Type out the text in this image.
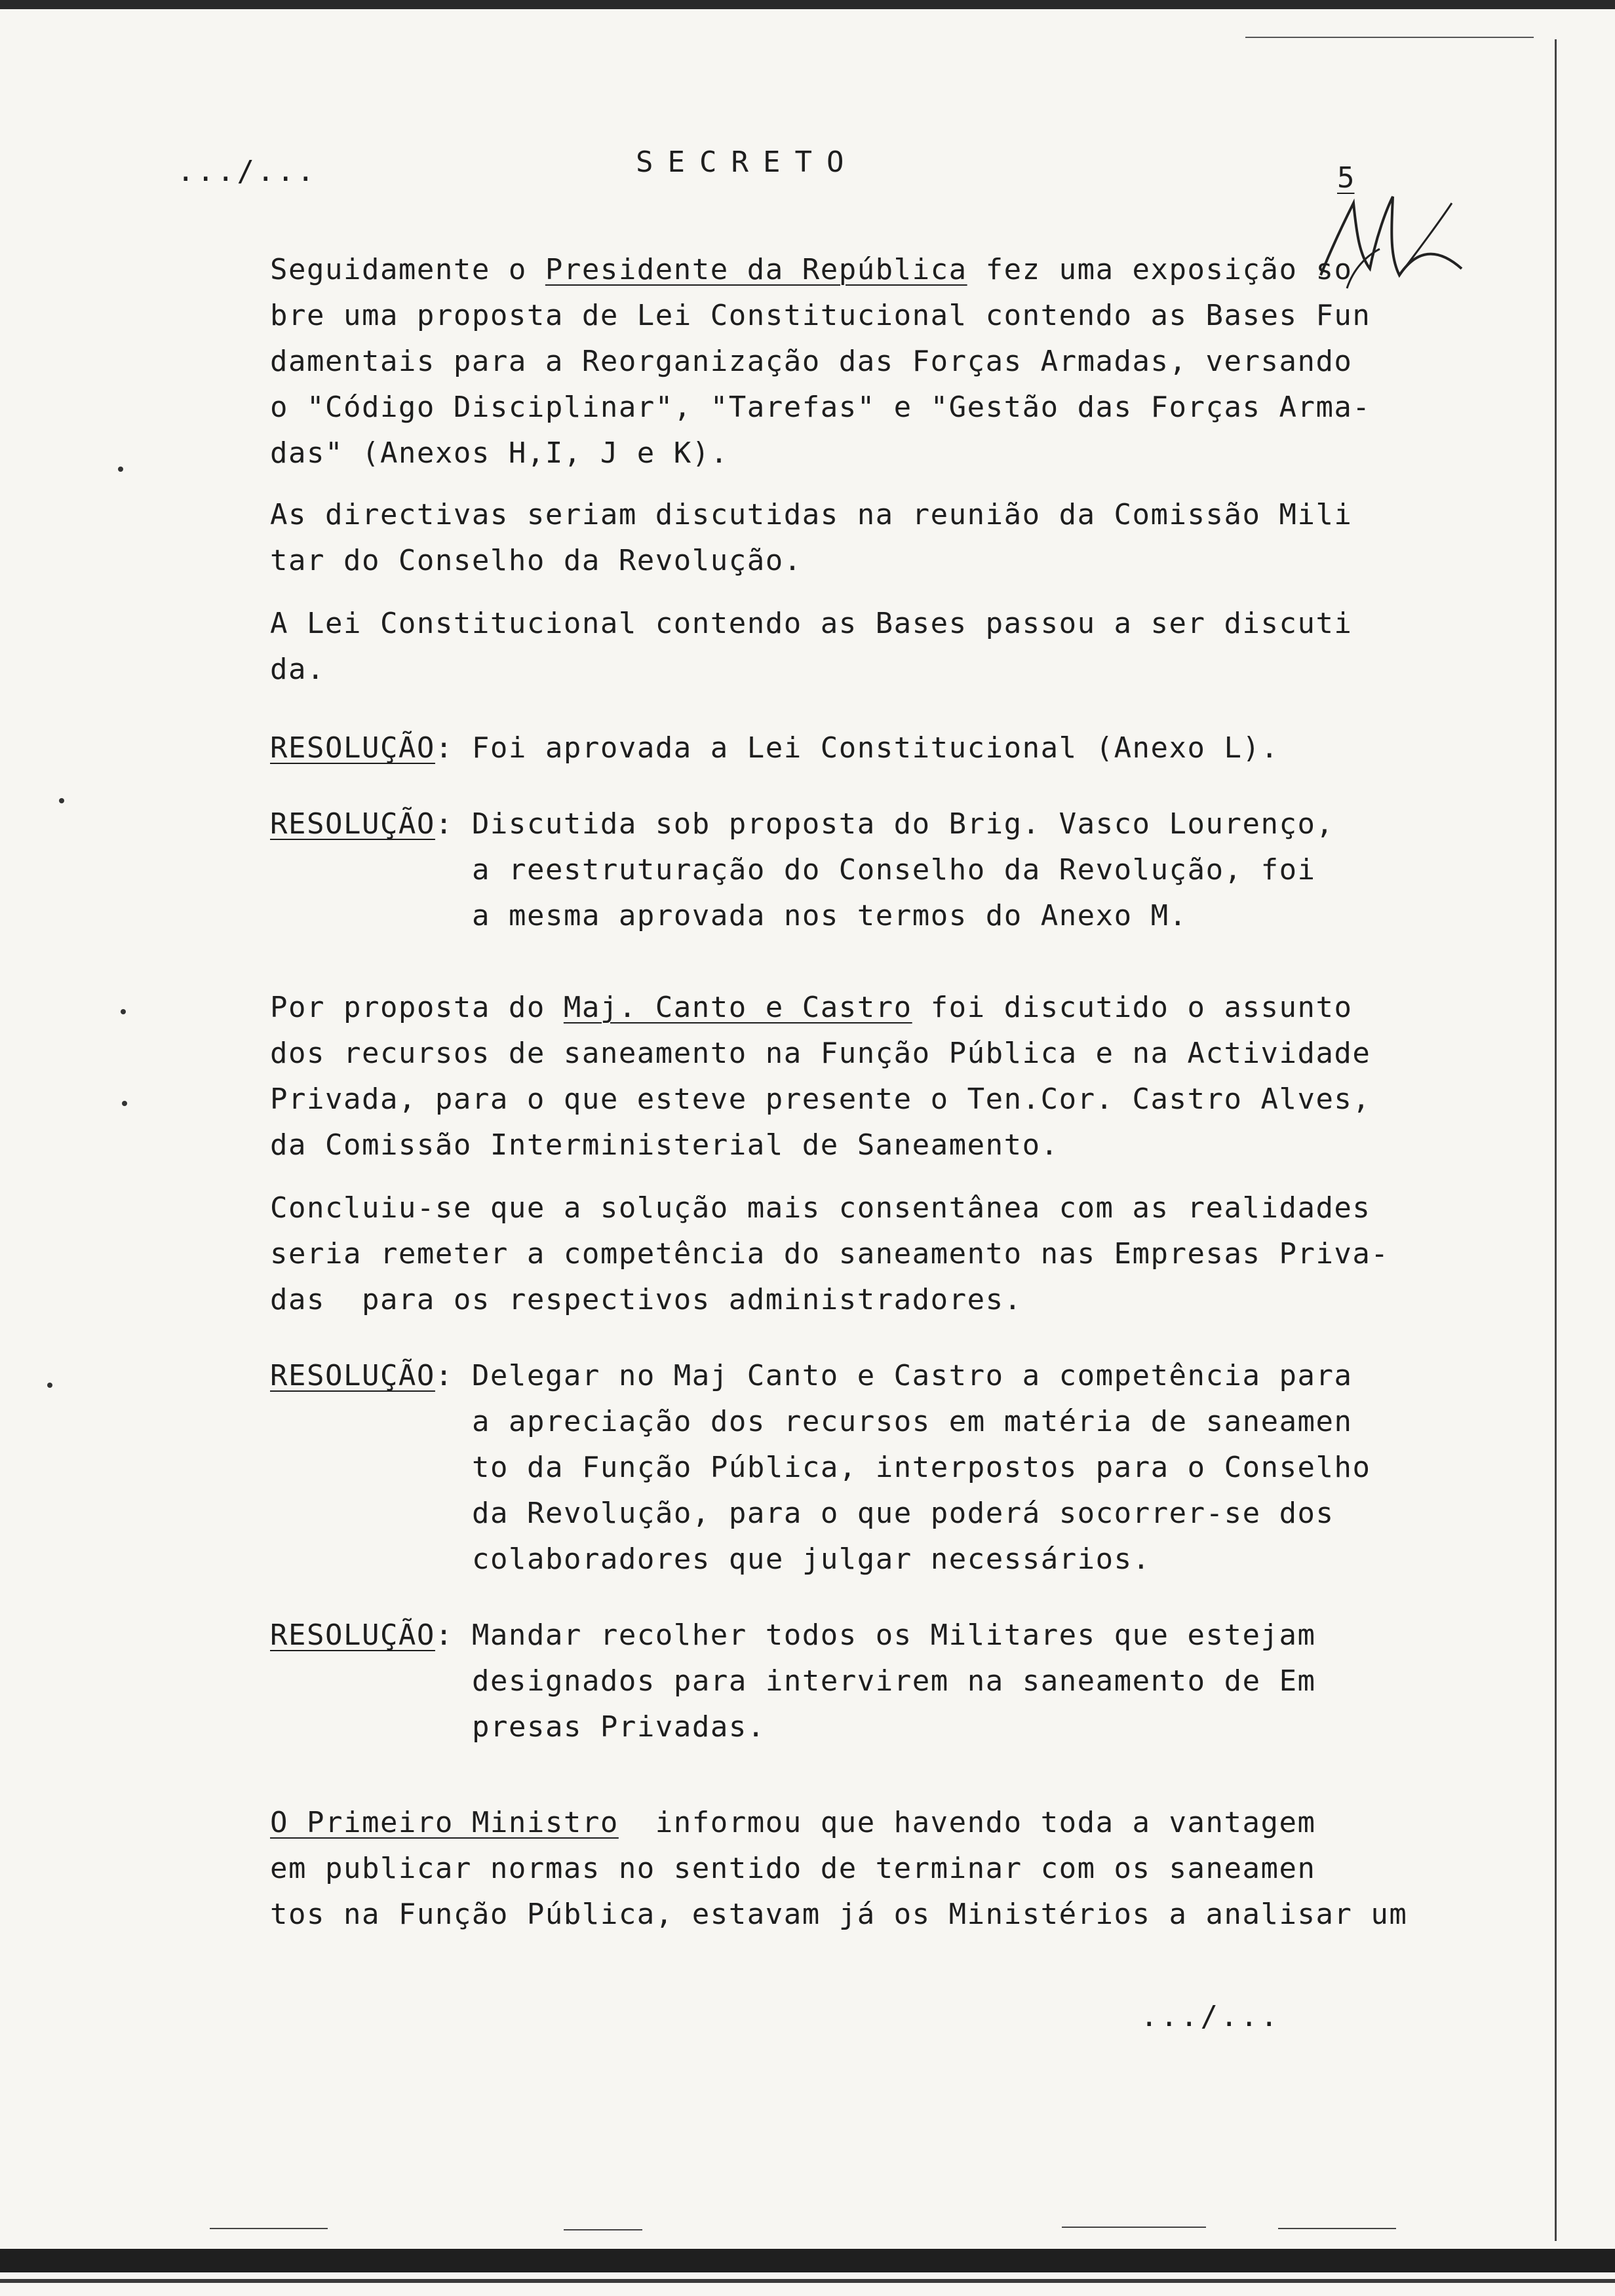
.../...	SECRETO	5
Seguidamente o Presidente da República fez uma exposição so
bre uma proposta de Lei Constitucional contendo as Bases Fun
damentais para a Reorganização das Forças Armadas, versando
o "Código Disciplinar", "Tarefas" e "Gestão das Forças Arma-
das" (Anexos H,I, J e K).
As directivas seriam discutidas na reunião da Comissão Mili
tar do Conselho da Revolução.
A Lei Constitucional contendo as Bases passou a ser discuti
da.
RESOLUÇÃO: Foi aprovada a Lei Constitucional (Anexo L).
RESOLUÇÃO: Discutida sob proposta do Brig. Vasco Lourenço,
a reestruturação do Conselho da Revolução, foi
a mesma aprovada nos termos do Anexo M.
Por proposta do Maj. Canto e Castro foi discutido o assunto
dos recursos de saneamento na Função Pública e na Actividade
Privada, para o que esteve presente o Ten.Cor. Castro Alves,
da Comissão Interministerial de Saneamento.
Concluiu-se que a solução mais consentânea com as realidades
seria remeter a competência do saneamento nas Empresas Priva-
das  para os respectivos administradores.
RESOLUÇÃO: Delegar no Maj Canto e Castro a competência para
a apreciação dos recursos em matéria de saneamen
to da Função Pública, interpostos para o Conselho
da Revolução, para o que poderá socorrer-se dos
colaboradores que julgar necessários.
RESOLUÇÃO: Mandar recolher todos os Militares que estejam
designados para intervirem na saneamento de Em
presas Privadas.
O Primeiro Ministro  informou que havendo toda a vantagem
em publicar normas no sentido de terminar com os saneamen
tos na Função Pública, estavam já os Ministérios a analisar um
.../...
